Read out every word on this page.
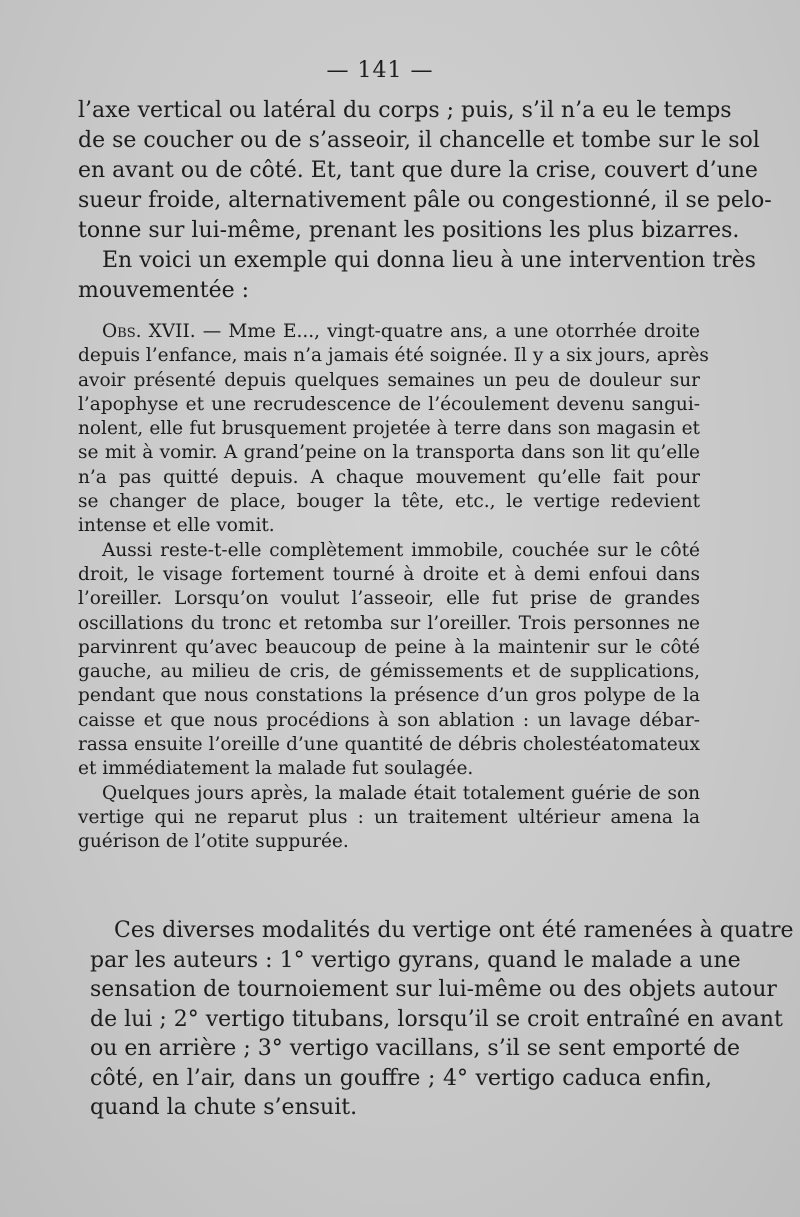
— 141 —
l’axe vertical ou latéral du corps ; puis, s’il n’a eu le temps
de se coucher ou de s’asseoir, il chancelle et tombe sur le sol
en avant ou de côté. Et, tant que dure la crise, couvert d’une
sueur froide, alternativement pâle ou congestionné, il se pelo-
tonne sur lui-même, prenant les positions les plus bizarres.
En voici un exemple qui donna lieu à une intervention très
mouvementée :
Obs. XVII. — Mme E..., vingt-quatre ans, a une otorrhée droite
depuis l’enfance, mais n’a jamais été soignée. Il y a six jours, après
avoir présenté depuis quelques semaines un peu de douleur sur
l’apophyse et une recrudescence de l’écoulement devenu sangui-
nolent, elle fut brusquement projetée à terre dans son magasin et
se mit à vomir. A grand’peine on la transporta dans son lit qu’elle
n’a pas quitté depuis. A chaque mouvement qu’elle fait pour
se changer de place, bouger la tête, etc., le vertige redevient
intense et elle vomit.
Aussi reste-t-elle complètement immobile, couchée sur le côté
droit, le visage fortement tourné à droite et à demi enfoui dans
l’oreiller. Lorsqu’on voulut l’asseoir, elle fut prise de grandes
oscillations du tronc et retomba sur l’oreiller. Trois personnes ne
parvinrent qu’avec beaucoup de peine à la maintenir sur le côté
gauche, au milieu de cris, de gémissements et de supplications,
pendant que nous constations la présence d’un gros polype de la
caisse et que nous procédions à son ablation : un lavage débar-
rassa ensuite l’oreille d’une quantité de débris cholestéatomateux
et immédiatement la malade fut soulagée.
Quelques jours après, la malade était totalement guérie de son
vertige qui ne reparut plus : un traitement ultérieur amena la
guérison de l’otite suppurée.
Ces diverses modalités du vertige ont été ramenées à quatre
par les auteurs : 1° vertigo gyrans, quand le malade a une
sensation de tournoiement sur lui-même ou des objets autour
de lui ; 2° vertigo titubans, lorsqu’il se croit entraîné en avant
ou en arrière ; 3° vertigo vacillans, s’il se sent emporté de
côté, en l’air, dans un gouffre ; 4° vertigo caduca enfin,
quand la chute s’ensuit.
